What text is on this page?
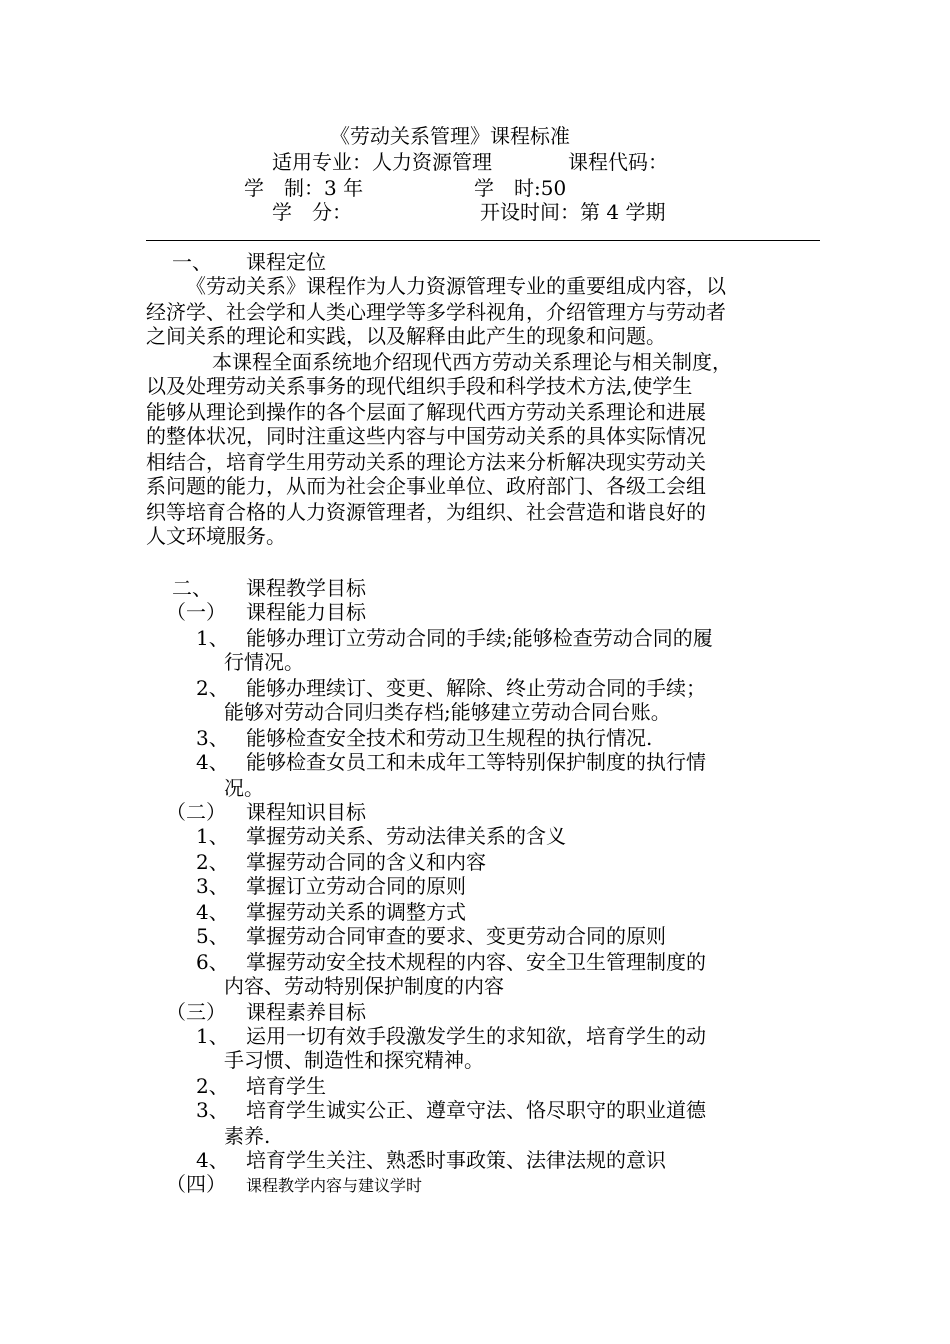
《劳动关系管理》课程标准
适用专业：人力资源管理	课程代码：
学　制：3 年	学　时:50
学　分：	开设时间：第 4 学期
一、 课程定位
《劳动关系》课程作为人力资源管理专业的重要组成内容，以
经济学、社会学和人类心理学等多学科视角，介绍管理方与劳动者
之间关系的理论和实践，以及解释由此产生的现象和问题。
本课程全面系统地介绍现代西方劳动关系理论与相关制度，
以及处理劳动关系事务的现代组织手段和科学技术方法,使学生
能够从理论到操作的各个层面了解现代西方劳动关系理论和进展
的整体状况，同时注重这些内容与中国劳动关系的具体实际情况
相结合，培育学生用劳动关系的理论方法来分析解决现实劳动关
系问题的能力，从而为社会企事业单位、政府部门、各级工会组
织等培育合格的人力资源管理者，为组织、社会营造和谐良好的
人文环境服务。
二、 课程教学目标
（一） 课程能力目标
1、 能够办理订立劳动合同的手续;能够检查劳动合同的履
行情况。
2、 能够办理续订、变更、解除、终止劳动合同的手续；
能够对劳动合同归类存档;能够建立劳动合同台账。
3、 能够检查安全技术和劳动卫生规程的执行情况.
4、 能够检查女员工和未成年工等特别保护制度的执行情
况。
（二） 课程知识目标
1、 掌握劳动关系、劳动法律关系的含义
2、 掌握劳动合同的含义和内容
3、 掌握订立劳动合同的原则
4、 掌握劳动关系的调整方式
5、 掌握劳动合同审查的要求、变更劳动合同的原则
6、 掌握劳动安全技术规程的内容、安全卫生管理制度的
内容、劳动特别保护制度的内容
（三） 课程素养目标
1、 运用一切有效手段激发学生的求知欲，培育学生的动
手习惯、制造性和探究精神。
2、 培育学生
3、 培育学生诚实公正、遵章守法、恪尽职守的职业道德
素养.
4、 培育学生关注、熟悉时事政策、法律法规的意识
（四） 课程教学内容与建议学时
